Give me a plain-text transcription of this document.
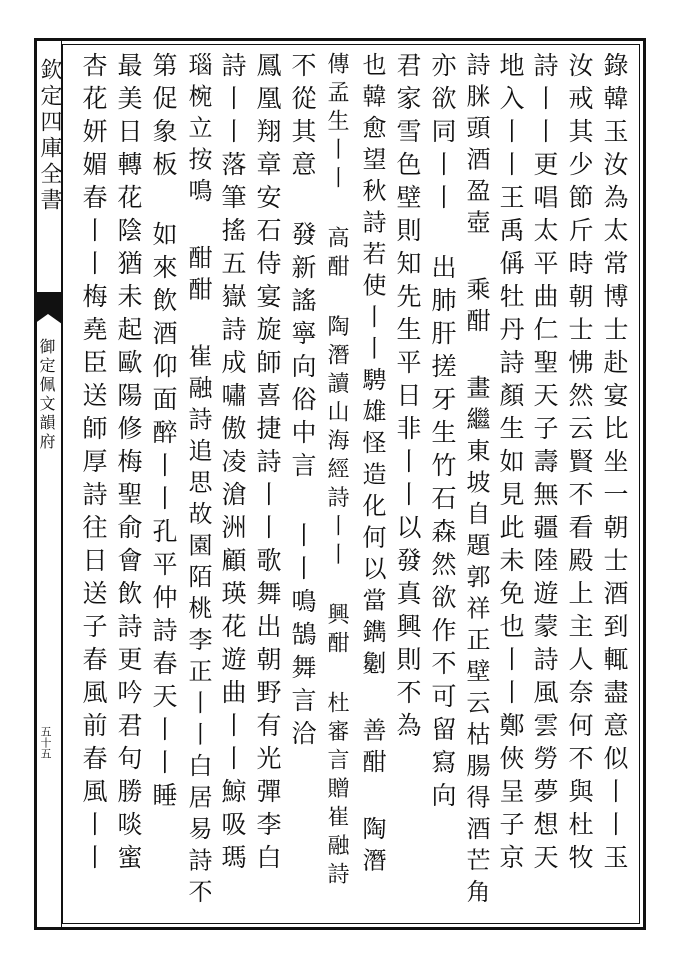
欽定四庫全書
御定佩文韻府
五十五	錄韓玉汝為太常博士赴宴比坐一朝士酒到輒盡意似丨丨玉
汝戒其少節斤時朝士怫然云賢不看殿上主人奈何不與杜牧
詩丨丨更唱太平曲仁聖天子壽無疆陸遊蒙詩風雲勞夢想天
地入丨丨王禹偁牡丹詩顏生如見此未免也丨丨鄭俠呈子京
詩脒頭酒盈壺 乘酣 畫繼東坡自題郭祥正壁云枯腸得酒芒角
亦欲同丨丨 出肺肝搓牙生竹石森然欲作不可留寫向
君家雪色壁則知先生平日非丨丨以發真興則不為
也韓愈望秋詩若使丨丨騁雄怪造化何以當鐫劖 善酣 陶潛
傳孟生丨丨 高酣 陶潛讀山海經詩丨丨 興酣 杜審言贈崔融詩
不從其意 發新謠寧向俗中言 丨丨鳴鵠舞言洽
鳳凰翔章安石侍宴旋師喜捷詩丨丨歌舞出朝野有光彈李白
詩丨丨落筆搖五嶽詩成嘯傲凌滄洲顧瑛花遊曲丨丨鯨吸瑪
瑙椀立按鳴 酣酣 崔融詩追思故園陌桃李正丨丨白居易詩不
第促象板 如來飲酒仰面醉丨丨孔平仲詩春天丨丨睡
最美日轉花陰猶未起歐陽修梅聖俞會飲詩更吟君句勝啖蜜
杏花妍媚春丨丨梅堯臣送師厚詩往日送子春風前春風丨丨
